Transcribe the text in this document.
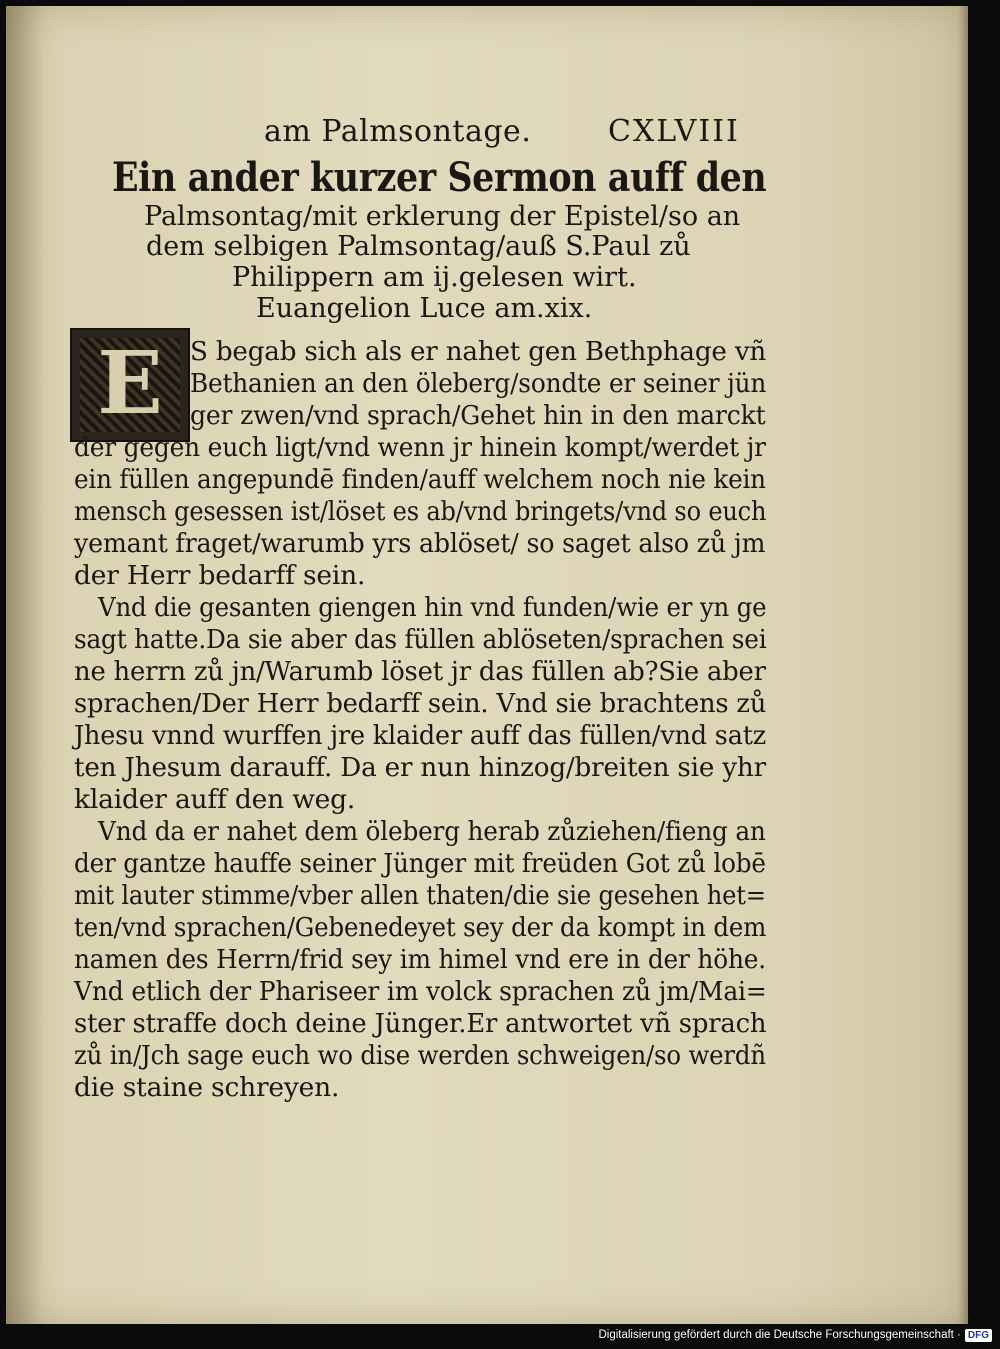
am Palmsontage.	CXLVIII
Ein ander kurzer Sermon auff den
Palmsontag/mit erklerung der Epistel/so an
dem selbigen Palmsontag/auß S.Paul zů
Philippern am ij.gelesen wirt.
Euangelion Luce am.xix.
E	S begab sich als er nahet gen Bethphage vñ
Bethanien an den öleberg/sondte er seiner jün
ger zwen/vnd sprach/Gehet hin in den marckt
der gegen euch ligt/vnd wenn jr hinein kompt/werdet jr
ein füllen angepundē finden/auff welchem noch nie kein
mensch gesessen ist/löset es ab/vnd bringets/vnd so euch
yemant fraget/warumb yrs ablöset/ so saget also zů jm
der Herr bedarff sein.
Vnd die gesanten giengen hin vnd funden/wie er yn ge
sagt hatte.Da sie aber das füllen ablöseten/sprachen sei
ne herrn zů jn/Warumb löset jr das füllen ab?Sie aber
sprachen/Der Herr bedarff sein. Vnd sie brachtens zů
Jhesu vnnd wurffen jre klaider auff das füllen/vnd satz
ten Jhesum darauff. Da er nun hinzog/breiten sie yhr
klaider auff den weg.
Vnd da er nahet dem öleberg herab zůziehen/fieng an
der gantze hauffe seiner Jünger mit freüden Got zů lobē
mit lauter stimme/vber allen thaten/die sie gesehen het=
ten/vnd sprachen/Gebenedeyet sey der da kompt in dem
namen des Herrn/frid sey im himel vnd ere in der höhe.
Vnd etlich der Phariseer im volck sprachen zů jm/Mai=
ster straffe doch deine Jünger.Er antwortet vñ sprach
zů in/Jch sage euch wo dise werden schweigen/so werdñ
die staine schreyen.
Digitalisierung gefördert durch die Deutsche Forschungsgemeinschaft · DFG
